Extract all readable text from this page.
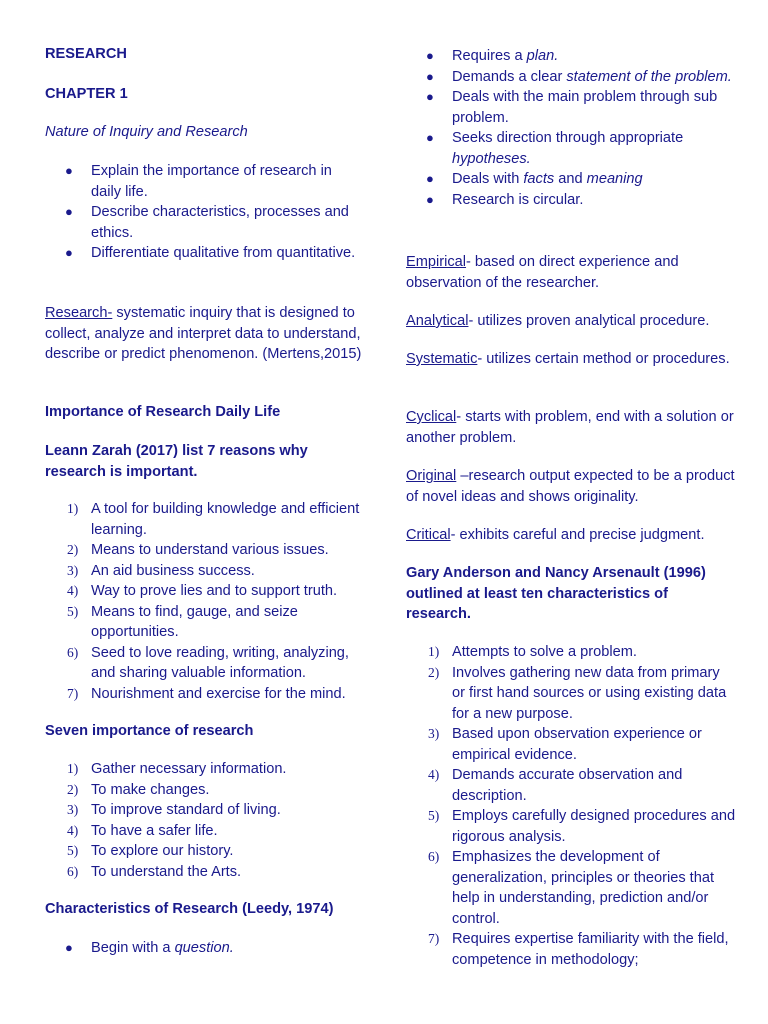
RESEARCH
CHAPTER 1
Nature of Inquiry and Research
● Explain the importance of research in daily life.
● Describe characteristics, processes and ethics.
● Differentiate qualitative from quantitative.

Research- systematic inquiry that is designed to collect, analyze and interpret data to understand, describe or predict phenomenon. (Mertens,2015)

Importance of Research Daily Life
Leann Zarah (2017) list 7 reasons why research is important.
1) A tool for building knowledge and efficient learning.
2) Means to understand various issues.
3) An aid business success.
4) Way to prove lies and to support truth.
5) Means to find, gauge, and seize opportunities.
6) Seed to love reading, writing, analyzing, and sharing valuable information.
7) Nourishment and exercise for the mind.
Seven importance of research
1) Gather necessary information.
2) To make changes.
3) To improve standard of living.
4) To have a safer life.
5) To explore our history.
6) To understand the Arts.
Characteristics of Research (Leedy, 1974)
● Begin with a question.
● Requires a plan.
● Demands a clear statement of the problem.
● Deals with the main problem through sub problem.
● Seeks direction through appropriate hypotheses.
● Deals with facts and meaning
● Research is circular.

Empirical- based on direct experience and observation of the researcher.

Analytical- utilizes proven analytical procedure.

Systematic- utilizes certain method or procedures.

Cyclical- starts with problem, end with a solution or another problem.

Original –research output expected to be a product of novel ideas and shows originality.

Critical- exhibits careful and precise judgment.

Gary Anderson and Nancy Arsenault (1996) outlined at least ten characteristics of research.
1) Attempts to solve a problem.
2) Involves gathering new data from primary or first hand sources or using existing data for a new purpose.
3) Based upon observation experience or empirical evidence.
4) Demands accurate observation and description.
5) Employs carefully designed procedures and rigorous analysis.
6) Emphasizes the development of generalization, principles or theories that help in understanding, prediction and/or control.
7) Requires expertise familiarity with the field, competence in methodology;
